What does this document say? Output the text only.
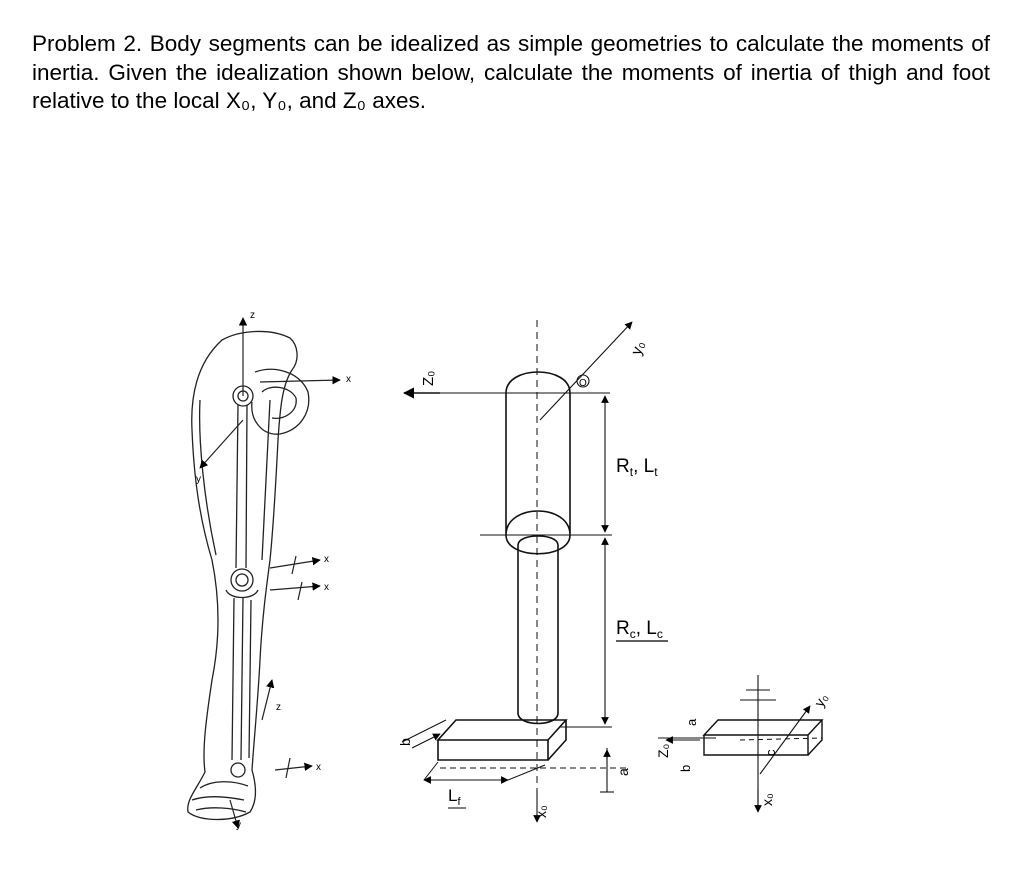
Problem 2. Body segments can be idealized as simple geometries to calculate the moments of inertia. Given the idealization shown below, calculate the moments of inertia of thigh and foot relative to the local X₀, Y₀, and Z₀ axes.

z
x
y
x
x
z
x
y
Z₀
y₀
x₀
O
$R_t$, $L_t$
$R_c$, $L_c$
b
a
$L_f$
a
Z₀
b
c
y₀
x₀
